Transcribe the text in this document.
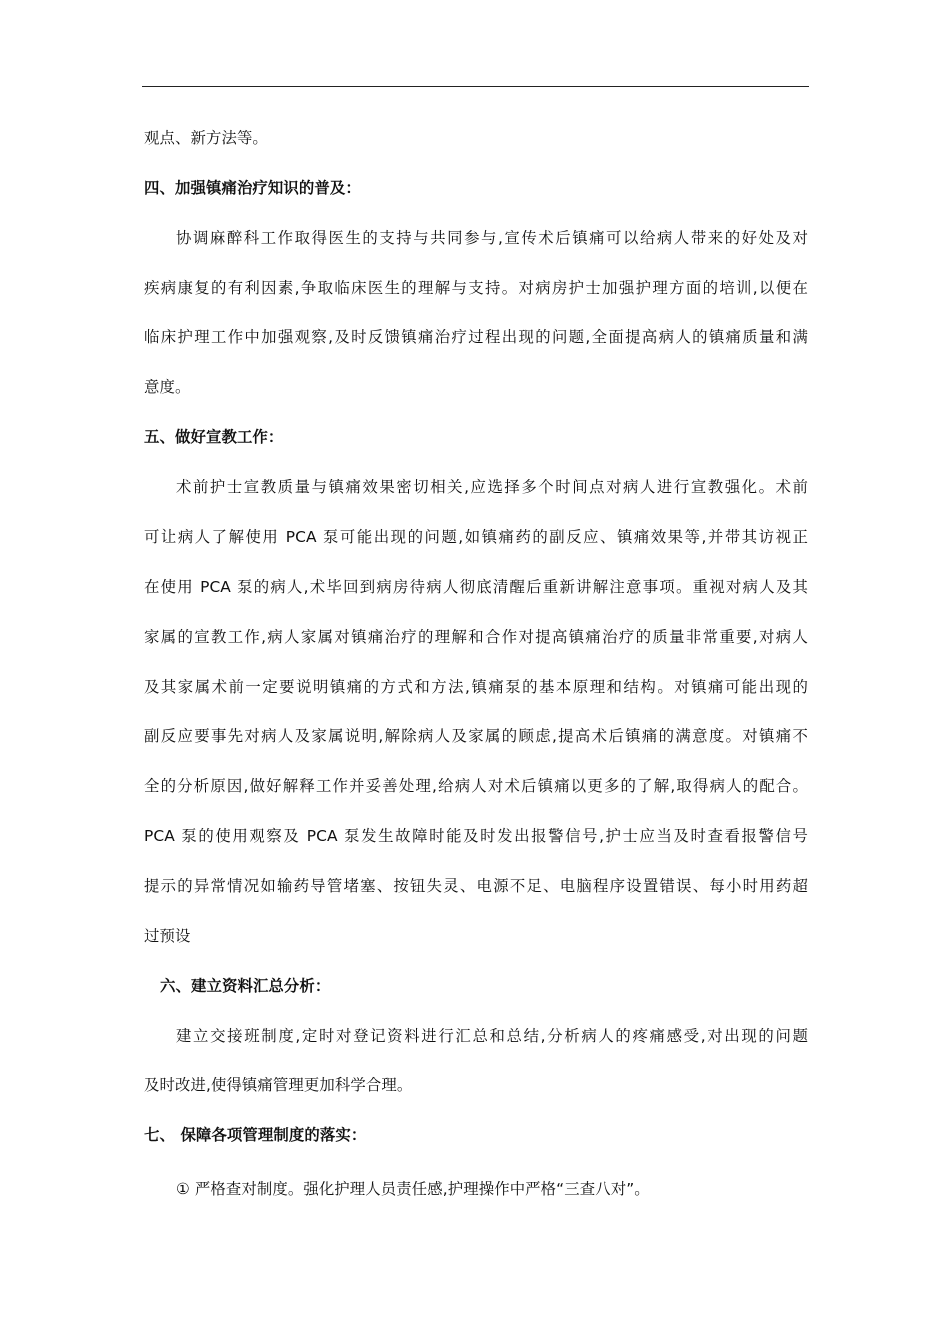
观点、新方法等。
四、加强镇痛治疗知识的普及：
协调麻醉科工作取得医生的支持与共同参与,宣传术后镇痛可以给病人带来的好处及对
疾病康复的有利因素,争取临床医生的理解与支持。对病房护士加强护理方面的培训,以便在
临床护理工作中加强观察,及时反馈镇痛治疗过程出现的问题,全面提高病人的镇痛质量和满
意度。
五、做好宣教工作：
术前护士宣教质量与镇痛效果密切相关,应选择多个时间点对病人进行宣教强化。术前
可让病人了解使用 PCA 泵可能出现的问题,如镇痛药的副反应、镇痛效果等,并带其访视正
在使用 PCA 泵的病人,术毕回到病房待病人彻底清醒后重新讲解注意事项。重视对病人及其
家属的宣教工作,病人家属对镇痛治疗的理解和合作对提高镇痛治疗的质量非常重要,对病人
及其家属术前一定要说明镇痛的方式和方法,镇痛泵的基本原理和结构。对镇痛可能出现的
副反应要事先对病人及家属说明,解除病人及家属的顾虑,提高术后镇痛的满意度。对镇痛不
全的分析原因,做好解释工作并妥善处理,给病人对术后镇痛以更多的了解,取得病人的配合。
PCA 泵的使用观察及 PCA 泵发生故障时能及时发出报警信号,护士应当及时查看报警信号
提示的异常情况如输药导管堵塞、按钮失灵、电源不足、电脑程序设置错误、每小时用药超
过预设
六、建立资料汇总分析：
建立交接班制度,定时对登记资料进行汇总和总结,分析病人的疼痛感受,对出现的问题
及时改进,使得镇痛管理更加科学合理。
七、 保障各项管理制度的落实：
① 严格查对制度。强化护理人员责任感,护理操作中严格“三查八对”。
